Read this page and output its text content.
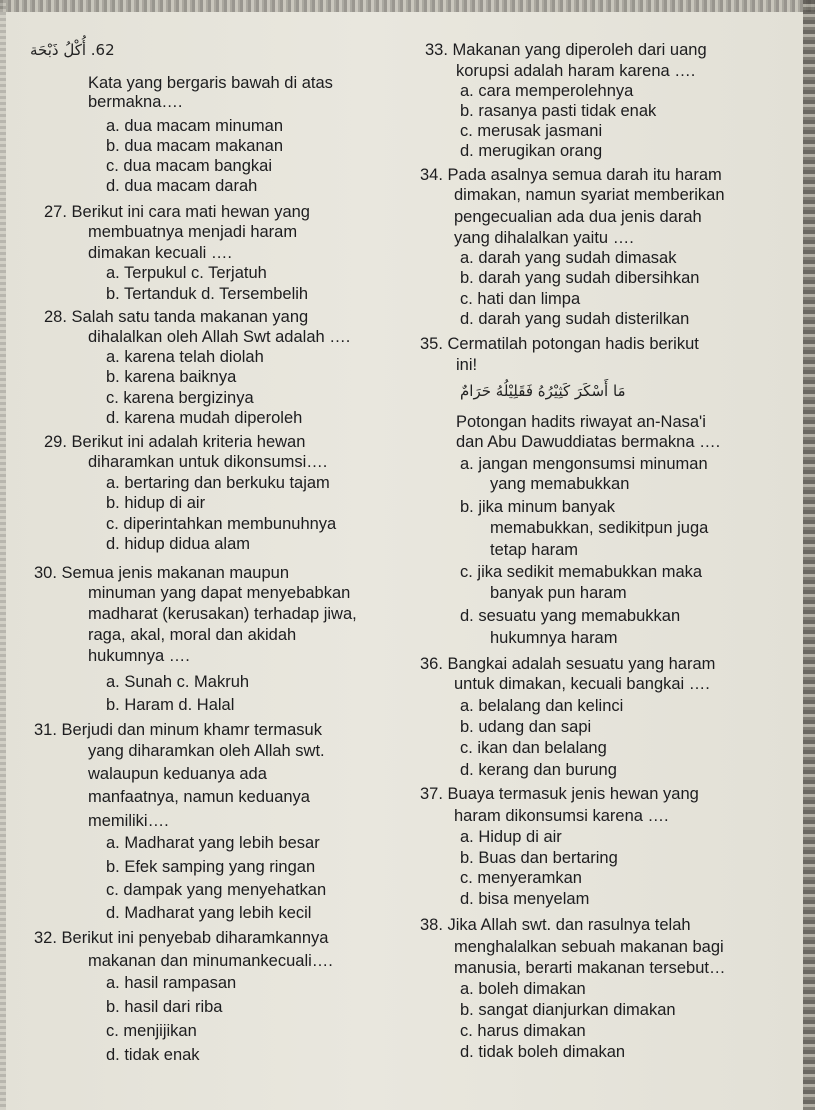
26. أُكْلُ ذَبْحَة
Kata yang bergaris bawah di atas
bermakna….
a. dua macam minuman
b. dua macam makanan
c. dua macam bangkai
d. dua macam darah
27. Berikut ini cara mati hewan yang
membuatnya menjadi haram
dimakan kecuali ….
a. Terpukul c. Terjatuh
b. Tertanduk d. Tersembelih
28. Salah satu tanda makanan yang
dihalalkan oleh Allah Swt adalah ….
a. karena telah diolah
b. karena baiknya
c. karena bergizinya
d. karena mudah diperoleh
29. Berikut ini adalah kriteria hewan
diharamkan untuk dikonsumsi….
a. bertaring dan berkuku tajam
b. hidup di air
c. diperintahkan membunuhnya
d. hidup didua alam
30. Semua jenis makanan maupun
minuman yang dapat menyebabkan
madharat (kerusakan) terhadap jiwa,
raga, akal, moral dan akidah
hukumnya ….
a. Sunah c. Makruh
b. Haram d. Halal
31. Berjudi dan minum khamr termasuk
yang diharamkan oleh Allah swt.
walaupun keduanya ada
manfaatnya, namun keduanya
memiliki….
a. Madharat yang lebih besar
b. Efek samping yang ringan
c. dampak yang menyehatkan
d. Madharat yang lebih kecil
32. Berikut ini penyebab diharamkannya
makanan dan minumankecuali….
a. hasil rampasan
b. hasil dari riba
c. menjijikan
d. tidak enak
33. Makanan yang diperoleh dari uang
korupsi adalah haram karena ….
a. cara memperolehnya
b. rasanya pasti tidak enak
c. merusak jasmani
d. merugikan orang
34. Pada asalnya semua darah itu haram
dimakan, namun syariat memberikan
pengecualian ada dua jenis darah
yang dihalalkan yaitu ….
a. darah yang sudah dimasak
b. darah yang sudah dibersihkan
c. hati dan limpa
d. darah yang sudah disterilkan
35. Cermatilah potongan hadis berikut
ini!
مَا أَسْكَرَ كَثِيْرُهُ فَقَلِيْلُهُ حَرَامٌ
Potongan hadits riwayat an-Nasa'i
dan Abu Dawuddiatas bermakna ….
a. jangan mengonsumsi minuman
yang memabukkan
b. jika minum banyak
memabukkan, sedikitpun juga
tetap haram
c. jika sedikit memabukkan maka
banyak pun haram
d. sesuatu yang memabukkan
hukumnya haram
36. Bangkai adalah sesuatu yang haram
untuk dimakan, kecuali bangkai ….
a. belalang dan kelinci
b. udang dan sapi
c. ikan dan belalang
d. kerang dan burung
37. Buaya termasuk jenis hewan yang
haram dikonsumsi karena ….
a. Hidup di air
b. Buas dan bertaring
c. menyeramkan
d. bisa menyelam
38. Jika Allah swt. dan rasulnya telah
menghalalkan sebuah makanan bagi
manusia, berarti makanan tersebut…
a. boleh dimakan
b. sangat dianjurkan dimakan
c. harus dimakan
d. tidak boleh dimakan
